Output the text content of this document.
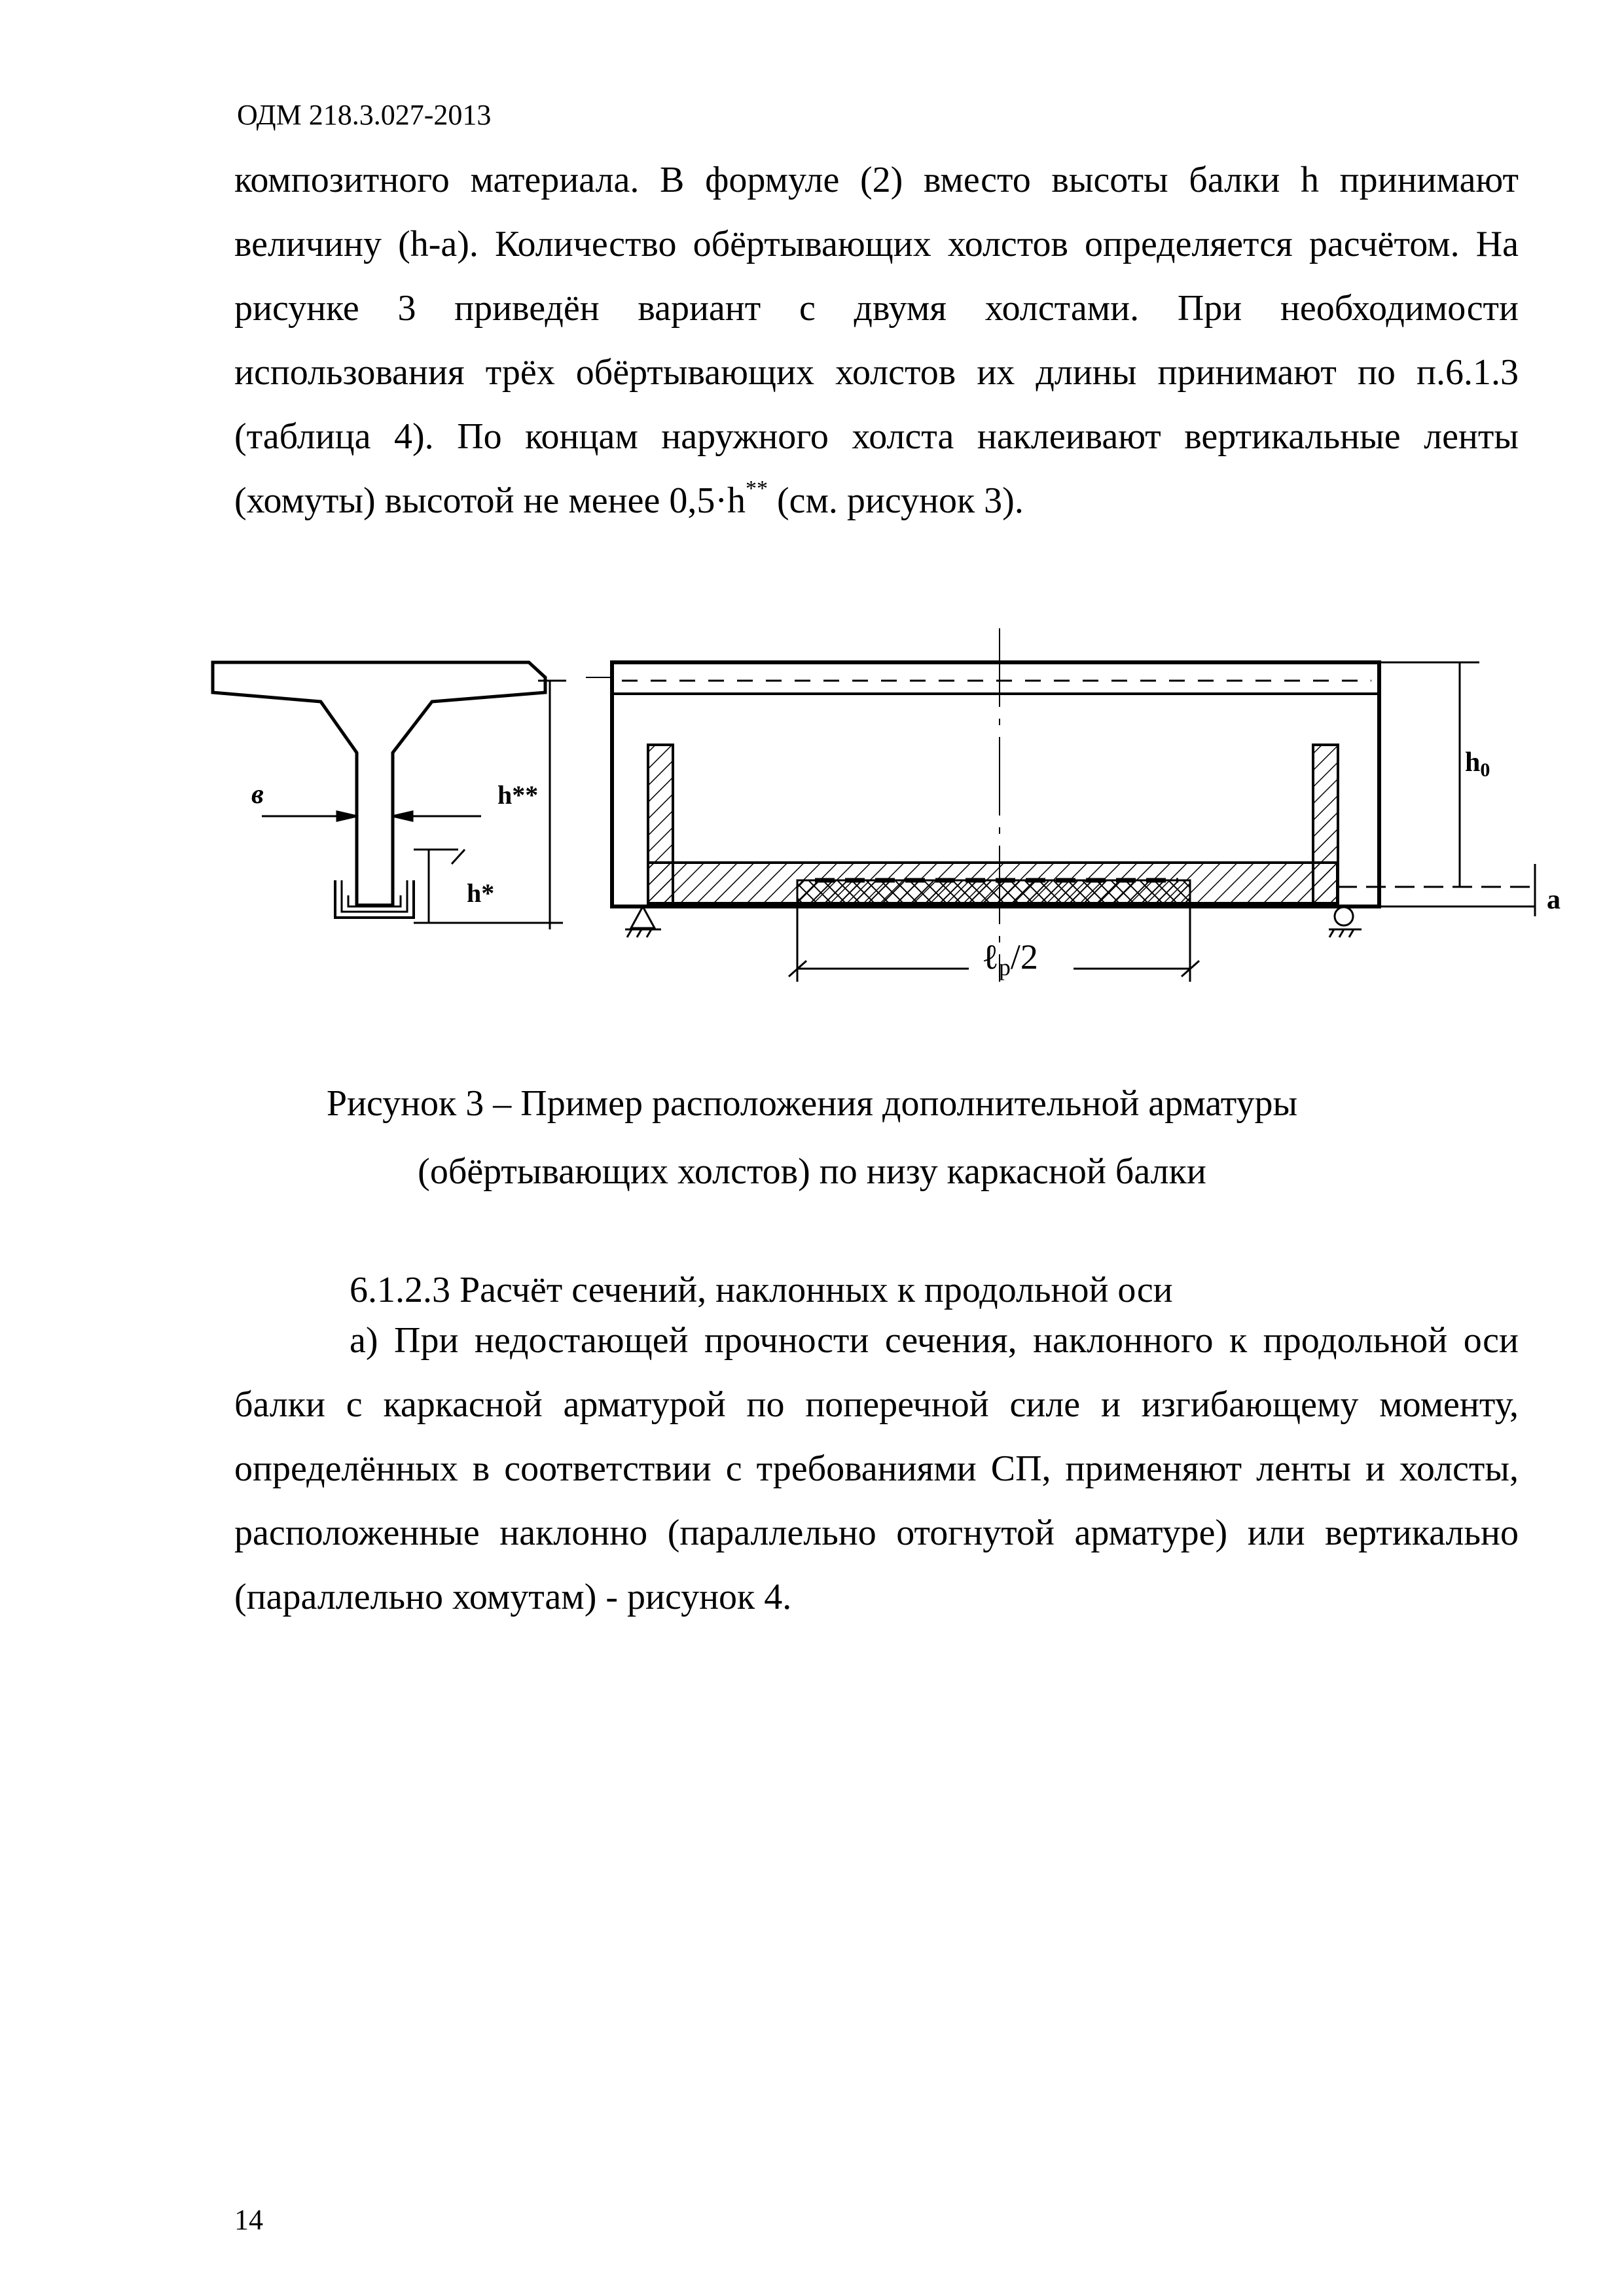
ОДМ 218.3.027-2013

композитного материала. В формуле (2) вместо высоты балки h принимают величину (h-a). Количество обёртывающих холстов определяется расчётом. На рисунке 3 приведён вариант с двумя холстами. При необходимости использования трёх обёртывающих холстов их длины принимают по п.6.1.3 (таблица 4). По концам наружного холста наклеивают вертикальные ленты (хомуты) высотой не менее 0,5·h** (см. рисунок 3).

в	h**
h*
h0
a
ℓр/2
Рисунок 3 – Пример расположения дополнительной арматуры
(обёртывающих холстов) по низу каркасной балки
6.1.2.3 Расчёт сечений, наклонных к продольной оси

а) При недостающей прочности сечения, наклонного к продольной оси балки с каркасной арматурой по поперечной силе и изгибающему моменту, определённых в соответствии с требованиями СП, применяют ленты и холсты, расположенные наклонно (параллельно отогнутой арматуре) или вертикально (параллельно хомутам) - рисунок 4.

14
